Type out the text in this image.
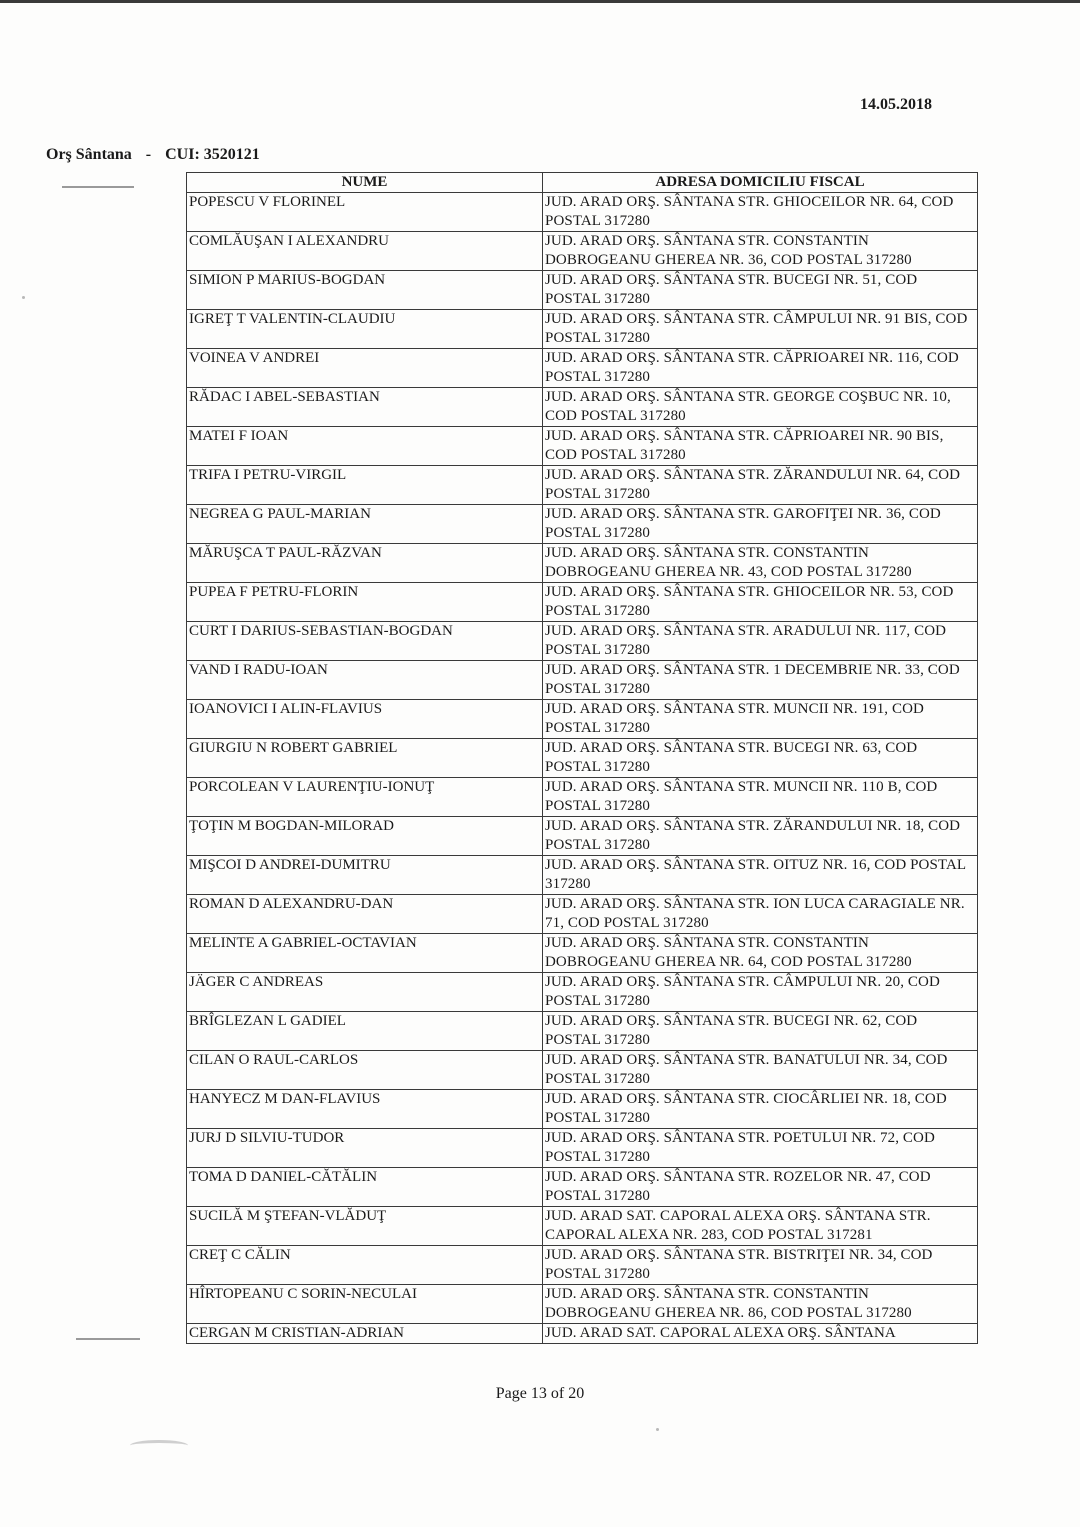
14.05.2018
Orş Sântana - CUI: 3520121
NUME	ADRESA DOMICILIU FISCAL
POPESCU V FLORINEL	JUD. ARAD ORŞ. SÂNTANA STR. GHIOCEILOR NR. 64, COD POSTAL 317280
COMLĂUŞAN I ALEXANDRU	JUD. ARAD ORŞ. SÂNTANA STR. CONSTANTIN DOBROGEANU GHEREA NR. 36, COD POSTAL 317280
SIMION P MARIUS-BOGDAN	JUD. ARAD ORŞ. SÂNTANA STR. BUCEGI NR. 51, COD POSTAL 317280
IGREŢ T VALENTIN-CLAUDIU	JUD. ARAD ORŞ. SÂNTANA STR. CÂMPULUI NR. 91 BIS, COD POSTAL 317280
VOINEA V ANDREI	JUD. ARAD ORŞ. SÂNTANA STR. CĂPRIOAREI NR. 116, COD POSTAL 317280
RĂDAC I ABEL-SEBASTIAN	JUD. ARAD ORŞ. SÂNTANA STR. GEORGE COŞBUC NR. 10, COD POSTAL 317280
MATEI F IOAN	JUD. ARAD ORŞ. SÂNTANA STR. CĂPRIOAREI NR. 90 BIS, COD POSTAL 317280
TRIFA I PETRU-VIRGIL	JUD. ARAD ORŞ. SÂNTANA STR. ZĂRANDULUI NR. 64, COD POSTAL 317280
NEGREA G PAUL-MARIAN	JUD. ARAD ORŞ. SÂNTANA STR. GAROFIŢEI NR. 36, COD POSTAL 317280
MĂRUŞCA T PAUL-RĂZVAN	JUD. ARAD ORŞ. SÂNTANA STR. CONSTANTIN DOBROGEANU GHEREA NR. 43, COD POSTAL 317280
PUPEA F PETRU-FLORIN	JUD. ARAD ORŞ. SÂNTANA STR. GHIOCEILOR NR. 53, COD POSTAL 317280
CURT I DARIUS-SEBASTIAN-BOGDAN	JUD. ARAD ORŞ. SÂNTANA STR. ARADULUI NR. 117, COD POSTAL 317280
VAND I RADU-IOAN	JUD. ARAD ORŞ. SÂNTANA STR. 1 DECEMBRIE NR. 33, COD POSTAL 317280
IOANOVICI I ALIN-FLAVIUS	JUD. ARAD ORŞ. SÂNTANA STR. MUNCII NR. 191, COD POSTAL 317280
GIURGIU N ROBERT GABRIEL	JUD. ARAD ORŞ. SÂNTANA STR. BUCEGI NR. 63, COD POSTAL 317280
PORCOLEAN V LAURENŢIU-IONUŢ	JUD. ARAD ORŞ. SÂNTANA STR. MUNCII NR. 110 B, COD POSTAL 317280
ŢOŢIN M BOGDAN-MILORAD	JUD. ARAD ORŞ. SÂNTANA STR. ZĂRANDULUI NR. 18, COD POSTAL 317280
MIŞCOI D ANDREI-DUMITRU	JUD. ARAD ORŞ. SÂNTANA STR. OITUZ NR. 16, COD POSTAL 317280
ROMAN D ALEXANDRU-DAN	JUD. ARAD ORŞ. SÂNTANA STR. ION LUCA CARAGIALE NR. 71, COD POSTAL 317280
MELINTE A GABRIEL-OCTAVIAN	JUD. ARAD ORŞ. SÂNTANA STR. CONSTANTIN DOBROGEANU GHEREA NR. 64, COD POSTAL 317280
JÄGER C ANDREAS	JUD. ARAD ORŞ. SÂNTANA STR. CÂMPULUI NR. 20, COD POSTAL 317280
BRÎGLEZAN L GADIEL	JUD. ARAD ORŞ. SÂNTANA STR. BUCEGI NR. 62, COD POSTAL 317280
CILAN O RAUL-CARLOS	JUD. ARAD ORŞ. SÂNTANA STR. BANATULUI NR. 34, COD POSTAL 317280
HANYECZ M DAN-FLAVIUS	JUD. ARAD ORŞ. SÂNTANA STR. CIOCÂRLIEI NR. 18, COD POSTAL 317280
JURJ D SILVIU-TUDOR	JUD. ARAD ORŞ. SÂNTANA STR. POETULUI NR. 72, COD POSTAL 317280
TOMA D DANIEL-CĂTĂLIN	JUD. ARAD ORŞ. SÂNTANA STR. ROZELOR NR. 47, COD POSTAL 317280
SUCILĂ M ŞTEFAN-VLĂDUŢ	JUD. ARAD SAT. CAPORAL ALEXA ORŞ. SÂNTANA STR. CAPORAL ALEXA NR. 283, COD POSTAL 317281
CREŢ C CĂLIN	JUD. ARAD ORŞ. SÂNTANA STR. BISTRIŢEI NR. 34, COD POSTAL 317280
HÎRTOPEANU C SORIN-NECULAI	JUD. ARAD ORŞ. SÂNTANA STR. CONSTANTIN DOBROGEANU GHEREA NR. 86, COD POSTAL 317280
CERGAN M CRISTIAN-ADRIAN	JUD. ARAD SAT. CAPORAL ALEXA ORŞ. SÂNTANA
Page 13 of 20
